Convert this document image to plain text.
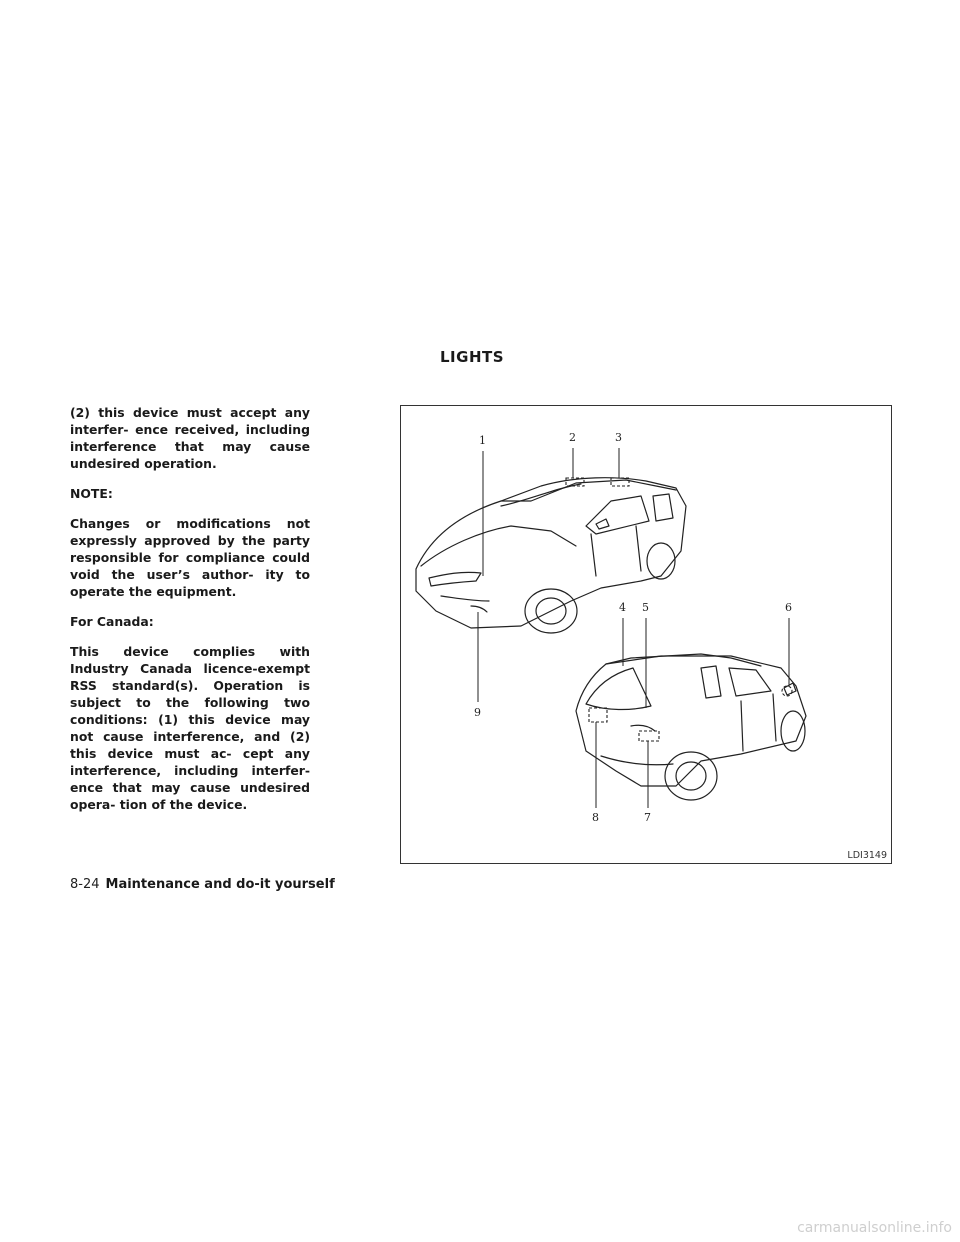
LIGHTS

(2) this device must accept any interfer- ence received, including interference that may cause undesired operation.

NOTE:

Changes or modifications not expressly approved by the party responsible for compliance could void the user’s author- ity to operate the equipment.

For Canada:

This device complies with Industry Canada licence-exempt RSS standard(s). Operation is subject to the following two conditions: (1) this device may not cause interference, and (2) this device must ac- cept any interference, including interfer- ence that may cause undesired opera- tion of the device.

1	2	3
4 5	6
7
8
9
LDI3149
8-24 Maintenance and do-it yourself
carmanualsonline.info
